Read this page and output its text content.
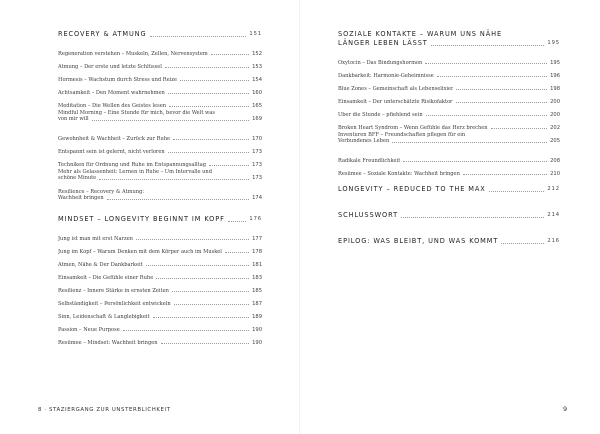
RECOVERY & ATMUNG	151
Regeneration verstehen – Muskeln, Zellen, Nervensystem	152
Atmung – Der erste und letzte Schlüssel	153
Hormesis – Wachstum durch Stress und Reize	154
Achtsamkeit – Den Moment wahrnehmen	160
Meditation – Die Wellen des Geistes lesen	165
Mindful Morning – Eine Stunde für mich, bevor die Welt was
von mir will	169
Gewohnheit & Wachheit – Zurück zur Ruhe	170
Entspannt sein ist gelernt, nicht verloren	173
Techniken für Ordnung und Ruhe im Entspannungsalltag	173
Mehr als Gelassenheit: Lernen in Ruhe – Um Intervalle und
schöne Minute	173
Resilience – Recovery & Atmung:
Wachheit bringen	174
MINDSET – LONGEVITY BEGINNT IM KOPF	176
Jung ist man mit erst Narzen	177
Jung im Kopf – Warum Denken mit dem Körper auch im Muskel	178
Atmen, Nähe & Der Dankbarkeit	181
Einsamkeit – Die Gefühle einer Ruhe	183
Resilienz – Innere Stärke in ernsten Zeiten	185
Selbständigkeit – Persönlichkeit entwickeln	187
Sinn, Leidenschaft & Langlebigkeit	189
Passion – Neue Purpose	190
Resümee – Mindset: Wachheit bringen	190
8 · STAZIERGANG ZUR UNSTERBLICHKEIT
SOZIALE KONTAKTE – WARUM UNS NÄHE
LÄNGER LEBEN LÄSST	195
Oxytocin – Das Bindungshormon	195
Dankbarkeit: Harmonie-Geheimnisse	196
Blue Zones – Gemeinschaft als Lebenselixier	198
Einsamkeit – Der unterschätzte Risikofaktor	200
Über die Stunde – pfiehlend sein	200
Broken Heart Syndrom – Wenn Gefühle das Herz brechen	202
Inventuren BFF – Freundschaften pflegen für ein
Verbundenes Leben	205
Radikale Freundlichkeit	208
Resümee – Soziale Kontakte: Wachheit bringen	210
LONGEVITY – REDUCED TO THE MAX	212
SCHLUSSWORT	214
EPILOG: WAS BLEIBT, UND WAS KOMMT	216
9
